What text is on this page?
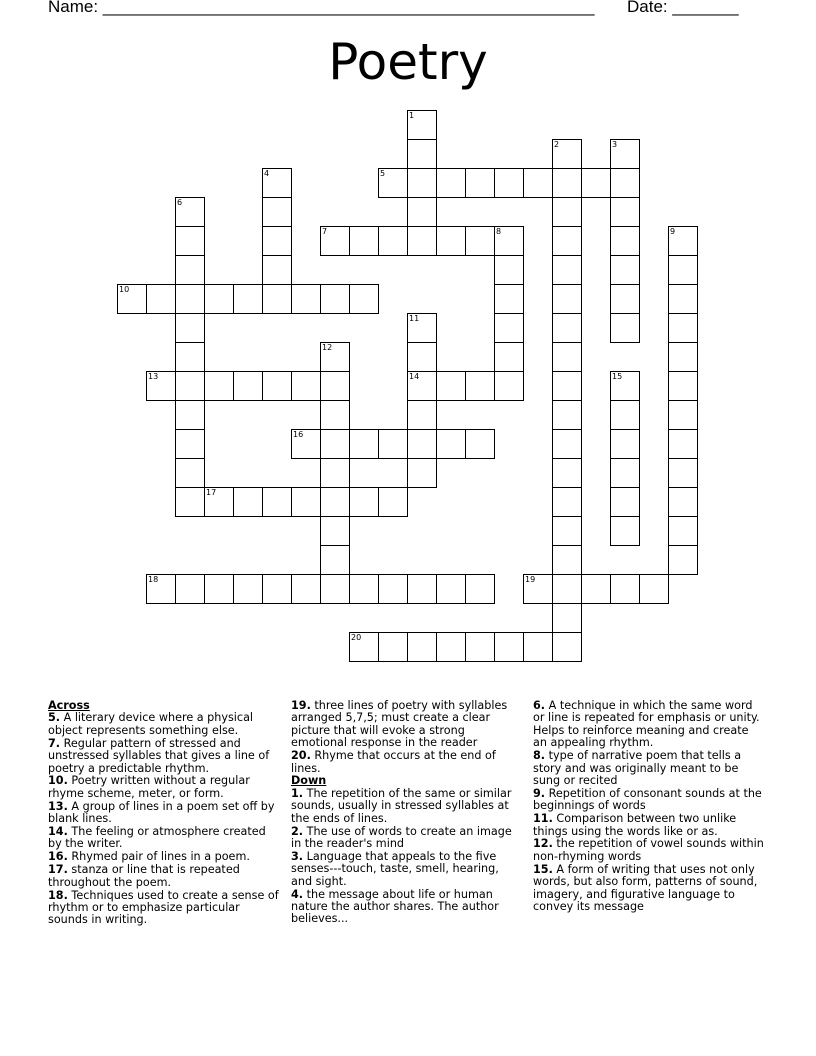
Name: ____________________________________________________ Date: _______
Poetry
1
2	3
4	5
6
7	8	9
10
11
14
12
13	15
16
17
18	19
20
Across
5. A literary device where a physical object represents something else.
7. Regular pattern of stressed and unstressed syllables that gives a line of poetry a predictable rhythm.
10. Poetry written without a regular rhyme scheme, meter, or form.
13. A group of lines in a poem set off by blank lines.
14. The feeling or atmosphere created by the writer.
16. Rhymed pair of lines in a poem.
17. stanza or line that is repeated throughout the poem.
18. Techniques used to create a sense of rhythm or to emphasize particular sounds in writing.
19. three lines of poetry with syllables arranged 5,7,5; must create a clear picture that will evoke a strong emotional response in the reader
20. Rhyme that occurs at the end of lines.
Down
1. The repetition of the same or similar sounds, usually in stressed syllables at the ends of lines.
2. The use of words to create an image in the reader's mind
3. Language that appeals to the five senses---touch, taste, smell, hearing, and sight.
4. the message about life or human nature the author shares. The author believes...
6. A technique in which the same word or line is repeated for emphasis or unity. Helps to reinforce meaning and create an appealing rhythm.
8. type of narrative poem that tells a story and was originally meant to be sung or recited
9. Repetition of consonant sounds at the beginnings of words
11. Comparison between two unlike things using the words like or as.
12. the repetition of vowel sounds within non-rhyming words
15. A form of writing that uses not only words, but also form, patterns of sound, imagery, and figurative language to convey its message
